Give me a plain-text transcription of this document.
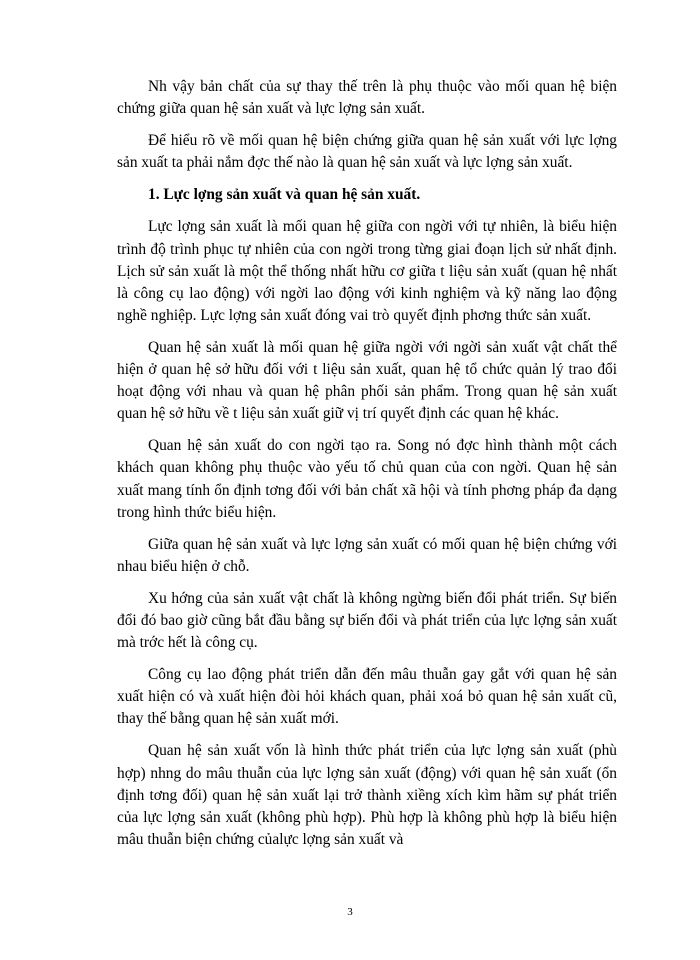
Nh vậy bản chất của sự thay thế trên là phụ thuộc vào mối quan hệ biện chứng giữa quan hệ sản xuất và lực lợng sản xuất.

Để hiểu rõ về mối quan hệ biện chứng giữa quan hệ sản xuất với lực lợng sản xuất ta phải nắm đợc thế nào là quan hệ sản xuất và lực lợng sản xuất.

1. Lực lợng sản xuất và quan hệ sản xuất.

Lực lợng sản xuất là mối quan hệ giữa con ngời với tự nhiên, là biểu hiện trình độ trình phục tự nhiên của con ngời trong từng giai đoạn lịch sử nhất định. Lịch sử sản xuất là một thể thống nhất hữu cơ giữa t liệu sản xuất (quan hệ nhất là công cụ lao động) với ngời lao động với kinh nghiệm và kỹ năng lao động nghề nghiệp. Lực lợng sản xuất đóng vai trò quyết định phơng thức sản xuất.

Quan hệ sản xuất là mối quan hệ giữa ngời với ngời sản xuất vật chất thể hiện ở quan hệ sở hữu đối với t liệu sản xuất, quan hệ tổ chức quản lý trao đổi hoạt động với nhau và quan hệ phân phối sản phẩm. Trong quan hệ sản xuất quan hệ sở hữu về t liệu sản xuất giữ vị trí quyết định các quan hệ khác.

Quan hệ sản xuất do con ngời tạo ra. Song nó đợc hình thành một cách khách quan không phụ thuộc vào yếu tố chủ quan của con ngời. Quan hệ sản xuất mang tính ổn định tơng đối với bản chất xã hội và tính phơng pháp đa dạng trong hình thức biểu hiện.

Giữa quan hệ sản xuất và lực lợng sản xuất có mối quan hệ biện chứng với nhau biểu hiện ở chỗ.

Xu hớng của sản xuất vật chất là không ngừng biến đổi phát triển. Sự biến đổi đó bao giờ cũng bắt đầu bằng sự biến đổi và phát triển của lực lợng sản xuất mà trớc hết là công cụ.

Công cụ lao động phát triển dẫn đến mâu thuẫn gay gắt với quan hệ sản xuất hiện có và xuất hiện đòi hỏi khách quan, phải xoá bỏ quan hệ sản xuất cũ, thay thế bằng quan hệ sản xuất mới.

Quan hệ sản xuất vốn là hình thức phát triển của lực lợng sản xuất (phù hợp) nhng do mâu thuẫn của lực lợng sản xuất (động) với quan hệ sản xuất (ổn định tơng đối) quan hệ sản xuất lại trở thành xiềng xích kìm hãm sự phát triển của lực lợng sản xuất (không phù hợp). Phù hợp là không phù hợp là biểu hiện mâu thuẫn biện chứng củalực lợng sản xuất và

3
